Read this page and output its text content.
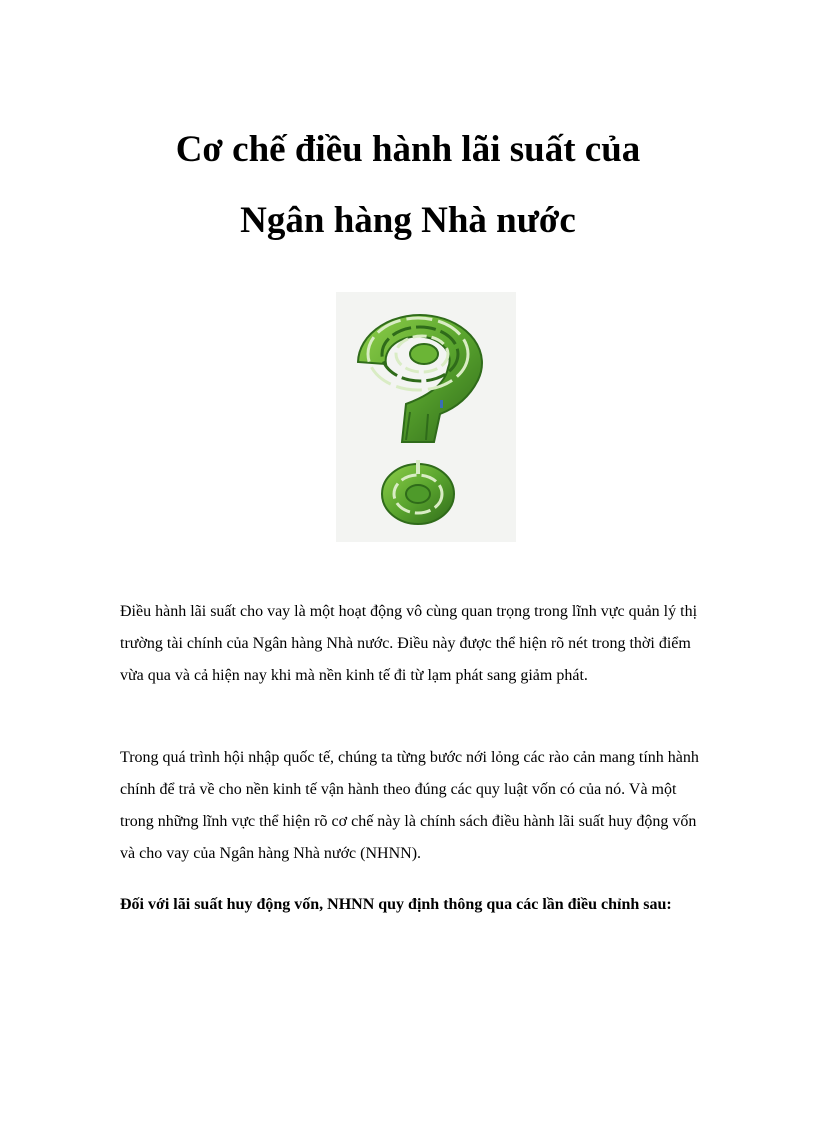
Cơ chế điều hành lãi suất của
Ngân hàng Nhà nước

Điều hành lãi suất cho vay là một hoạt động vô cùng quan trọng trong lĩnh vực quản lý thị trường tài chính của Ngân hàng Nhà nước. Điều này được thể hiện rõ nét trong thời điểm vừa qua và cả hiện nay khi mà nền kinh tế đi từ lạm phát sang giảm phát.

Trong quá trình hội nhập quốc tế, chúng ta từng bước nới lỏng các rào cản mang tính hành chính để trả về cho nền kinh tế vận hành theo đúng các quy luật vốn có của nó. Và một trong những lĩnh vực thể hiện rõ cơ chế này là chính sách điều hành lãi suất huy động vốn và cho vay của Ngân hàng Nhà nước (NHNN).

Đối với lãi suất huy động vốn, NHNN quy định thông qua các lần điều chỉnh sau:
